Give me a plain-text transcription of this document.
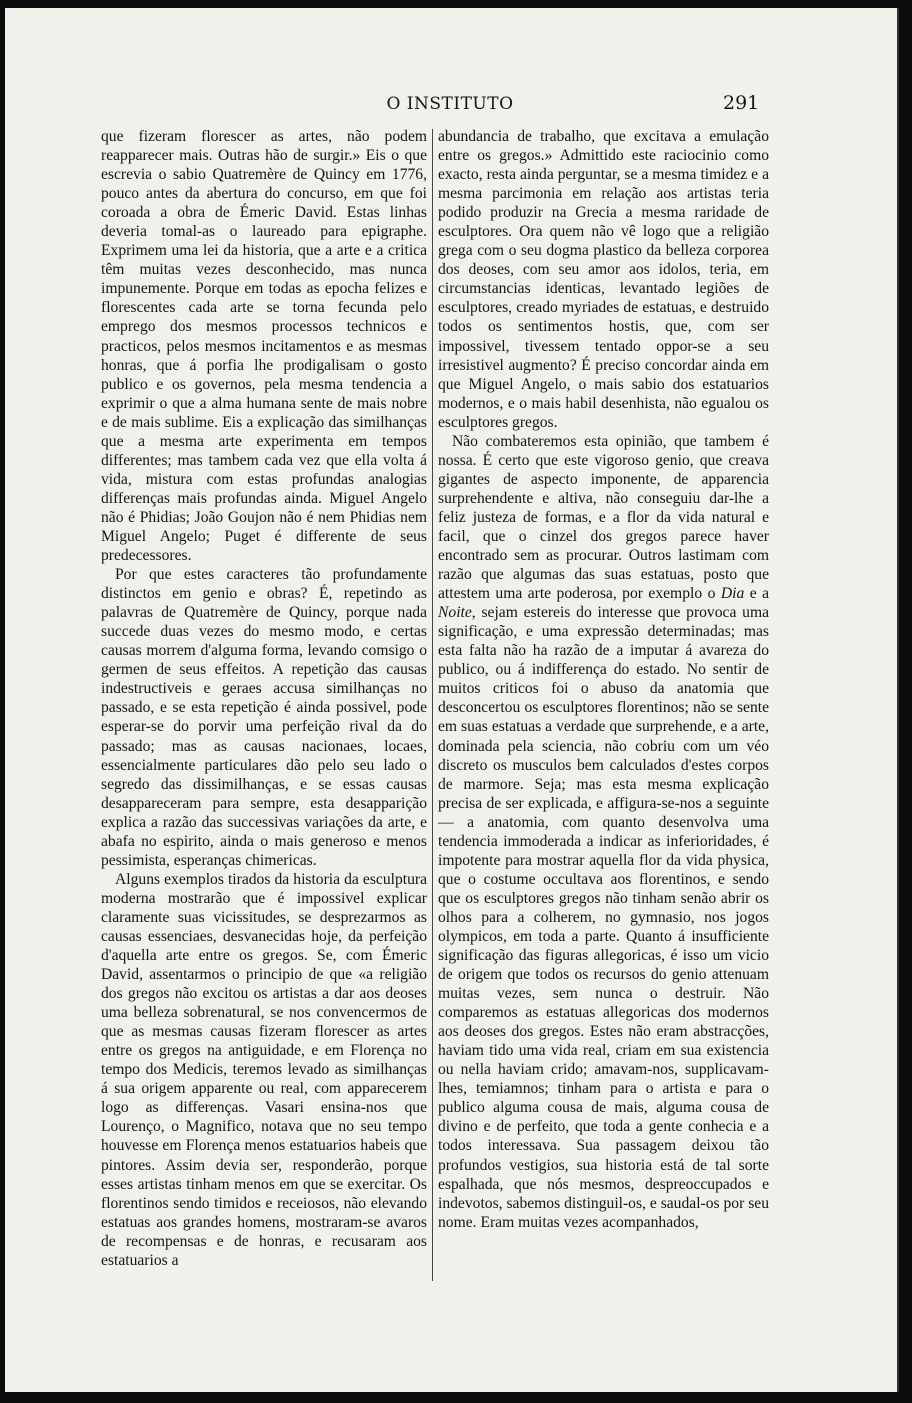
O INSTITUTO	291

que fizeram florescer as artes, não podem reapparecer mais. Outras hão de surgir.» Eis o que escrevia o sabio Quatremère de Quincy em 1776, pouco antes da abertura do concurso, em que foi coroada a obra de Émeric David. Estas linhas deveria tomal-as o laureado para epigraphe. Exprimem uma lei da historia, que a arte e a critica têm muitas vezes desconhecido, mas nunca impunemente. Porque em todas as epocha felizes e florescentes cada arte se torna fecunda pelo emprego dos mesmos processos technicos e practicos, pelos mesmos incitamentos e as mesmas honras, que á porfia lhe prodigalisam o gosto publico e os governos, pela mesma tendencia a exprimir o que a alma humana sente de mais nobre e de mais sublime. Eis a explicação das similhanças que a mesma arte experimenta em tempos differentes; mas tambem cada vez que ella volta á vida, mistura com estas profundas analogias differenças mais profundas ainda. Miguel Angelo não é Phidias; João Goujon não é nem Phidias nem Miguel Angelo; Puget é differente de seus predecessores.

Por que estes caracteres tão profundamente distinctos em genio e obras? É, repetindo as palavras de Quatremère de Quincy, porque nada succede duas vezes do mesmo modo, e certas causas morrem d'alguma forma, levando comsigo o germen de seus effeitos. A repetição das causas indestructiveis e geraes accusa similhanças no passado, e se esta repetição é ainda possivel, pode esperar-se do porvir uma perfeição rival da do passado; mas as causas nacionaes, locaes, essencialmente particulares dão pelo seu lado o segredo das dissimilhanças, e se essas causas desappareceram para sempre, esta desapparição explica a razão das successivas variações da arte, e abafa no espirito, ainda o mais generoso e menos pessimista, esperanças chimericas.

Alguns exemplos tirados da historia da esculptura moderna mostrarão que é impossivel explicar claramente suas vicissitudes, se desprezarmos as causas essenciaes, desvanecidas hoje, da perfeição d'aquella arte entre os gregos. Se, com Émeric David, assentarmos o principio de que «a religião dos gregos não excitou os artistas a dar aos deoses uma belleza sobrenatural, se nos convencermos de que as mesmas causas fizeram florescer as artes entre os gregos na antiguidade, e em Florença no tempo dos Medicis, teremos levado as similhanças á sua origem apparente ou real, com apparecerem logo as differenças. Vasari ensina-nos que Lourenço, o Magnifico, notava que no seu tempo houvesse em Florença menos estatuarios habeis que pintores. Assim devia ser, responderão, porque esses artistas tinham menos em que se exercitar. Os florentinos sendo timidos e receiosos, não elevando estatuas aos grandes homens, mostraram-se avaros de recompensas e de honras, e recusaram aos estatuarios a

abundancia de trabalho, que excitava a emulação entre os gregos.» Admittido este raciocinio como exacto, resta ainda perguntar, se a mesma timidez e a mesma parcimonia em relação aos artistas teria podido produzir na Grecia a mesma raridade de esculptores. Ora quem não vê logo que a religião grega com o seu dogma plastico da belleza corporea dos deoses, com seu amor aos idolos, teria, em circumstancias identicas, levantado legiões de esculptores, creado myriades de estatuas, e destruido todos os sentimentos hostis, que, com ser impossivel, tivessem tentado oppor-se a seu irresistivel augmento? É preciso concordar ainda em que Miguel Angelo, o mais sabio dos estatuarios modernos, e o mais habil desenhista, não egualou os esculptores gregos.

Não combateremos esta opinião, que tambem é nossa. É certo que este vigoroso genio, que creava gigantes de aspecto imponente, de apparencia surprehendente e altiva, não conseguiu dar-lhe a feliz justeza de formas, e a flor da vida natural e facil, que o cinzel dos gregos parece haver encontrado sem as procurar. Outros lastimam com razão que algumas das suas estatuas, posto que attestem uma arte poderosa, por exemplo o Dia e a Noite, sejam estereis do interesse que provoca uma significação, e uma expressão determinadas; mas esta falta não ha razão de a imputar á avareza do publico, ou á indifferença do estado. No sentir de muitos criticos foi o abuso da anatomia que desconcertou os esculptores florentinos; não se sente em suas estatuas a verdade que surprehende, e a arte, dominada pela sciencia, não cobriu com um véo discreto os musculos bem calculados d'estes corpos de marmore. Seja; mas esta mesma explicação precisa de ser explicada, e affigura-se-nos a seguinte — a anatomia, com quanto desenvolva uma tendencia immoderada a indicar as inferioridades, é impotente para mostrar aquella flor da vida physica, que o costume occultava aos florentinos, e sendo que os esculptores gregos não tinham senão abrir os olhos para a colherem, no gymnasio, nos jogos olympicos, em toda a parte. Quanto á insufficiente significação das figuras allegoricas, é isso um vicio de origem que todos os recursos do genio attenuam muitas vezes, sem nunca o destruir. Não comparemos as estatuas allegoricas dos modernos aos deoses dos gregos. Estes não eram abstracções, haviam tido uma vida real, criam em sua existencia ou nella haviam crido; amavam-nos, supplicavam-lhes, temiamnos; tinham para o artista e para o publico alguma cousa de mais, alguma cousa de divino e de perfeito, que toda a gente conhecia e a todos interessava. Sua passagem deixou tão profundos vestigios, sua historia está de tal sorte espalhada, que nós mesmos, despreoccupados e indevotos, sabemos distinguil-os, e saudal-os por seu nome. Eram muitas vezes acompanhados,
